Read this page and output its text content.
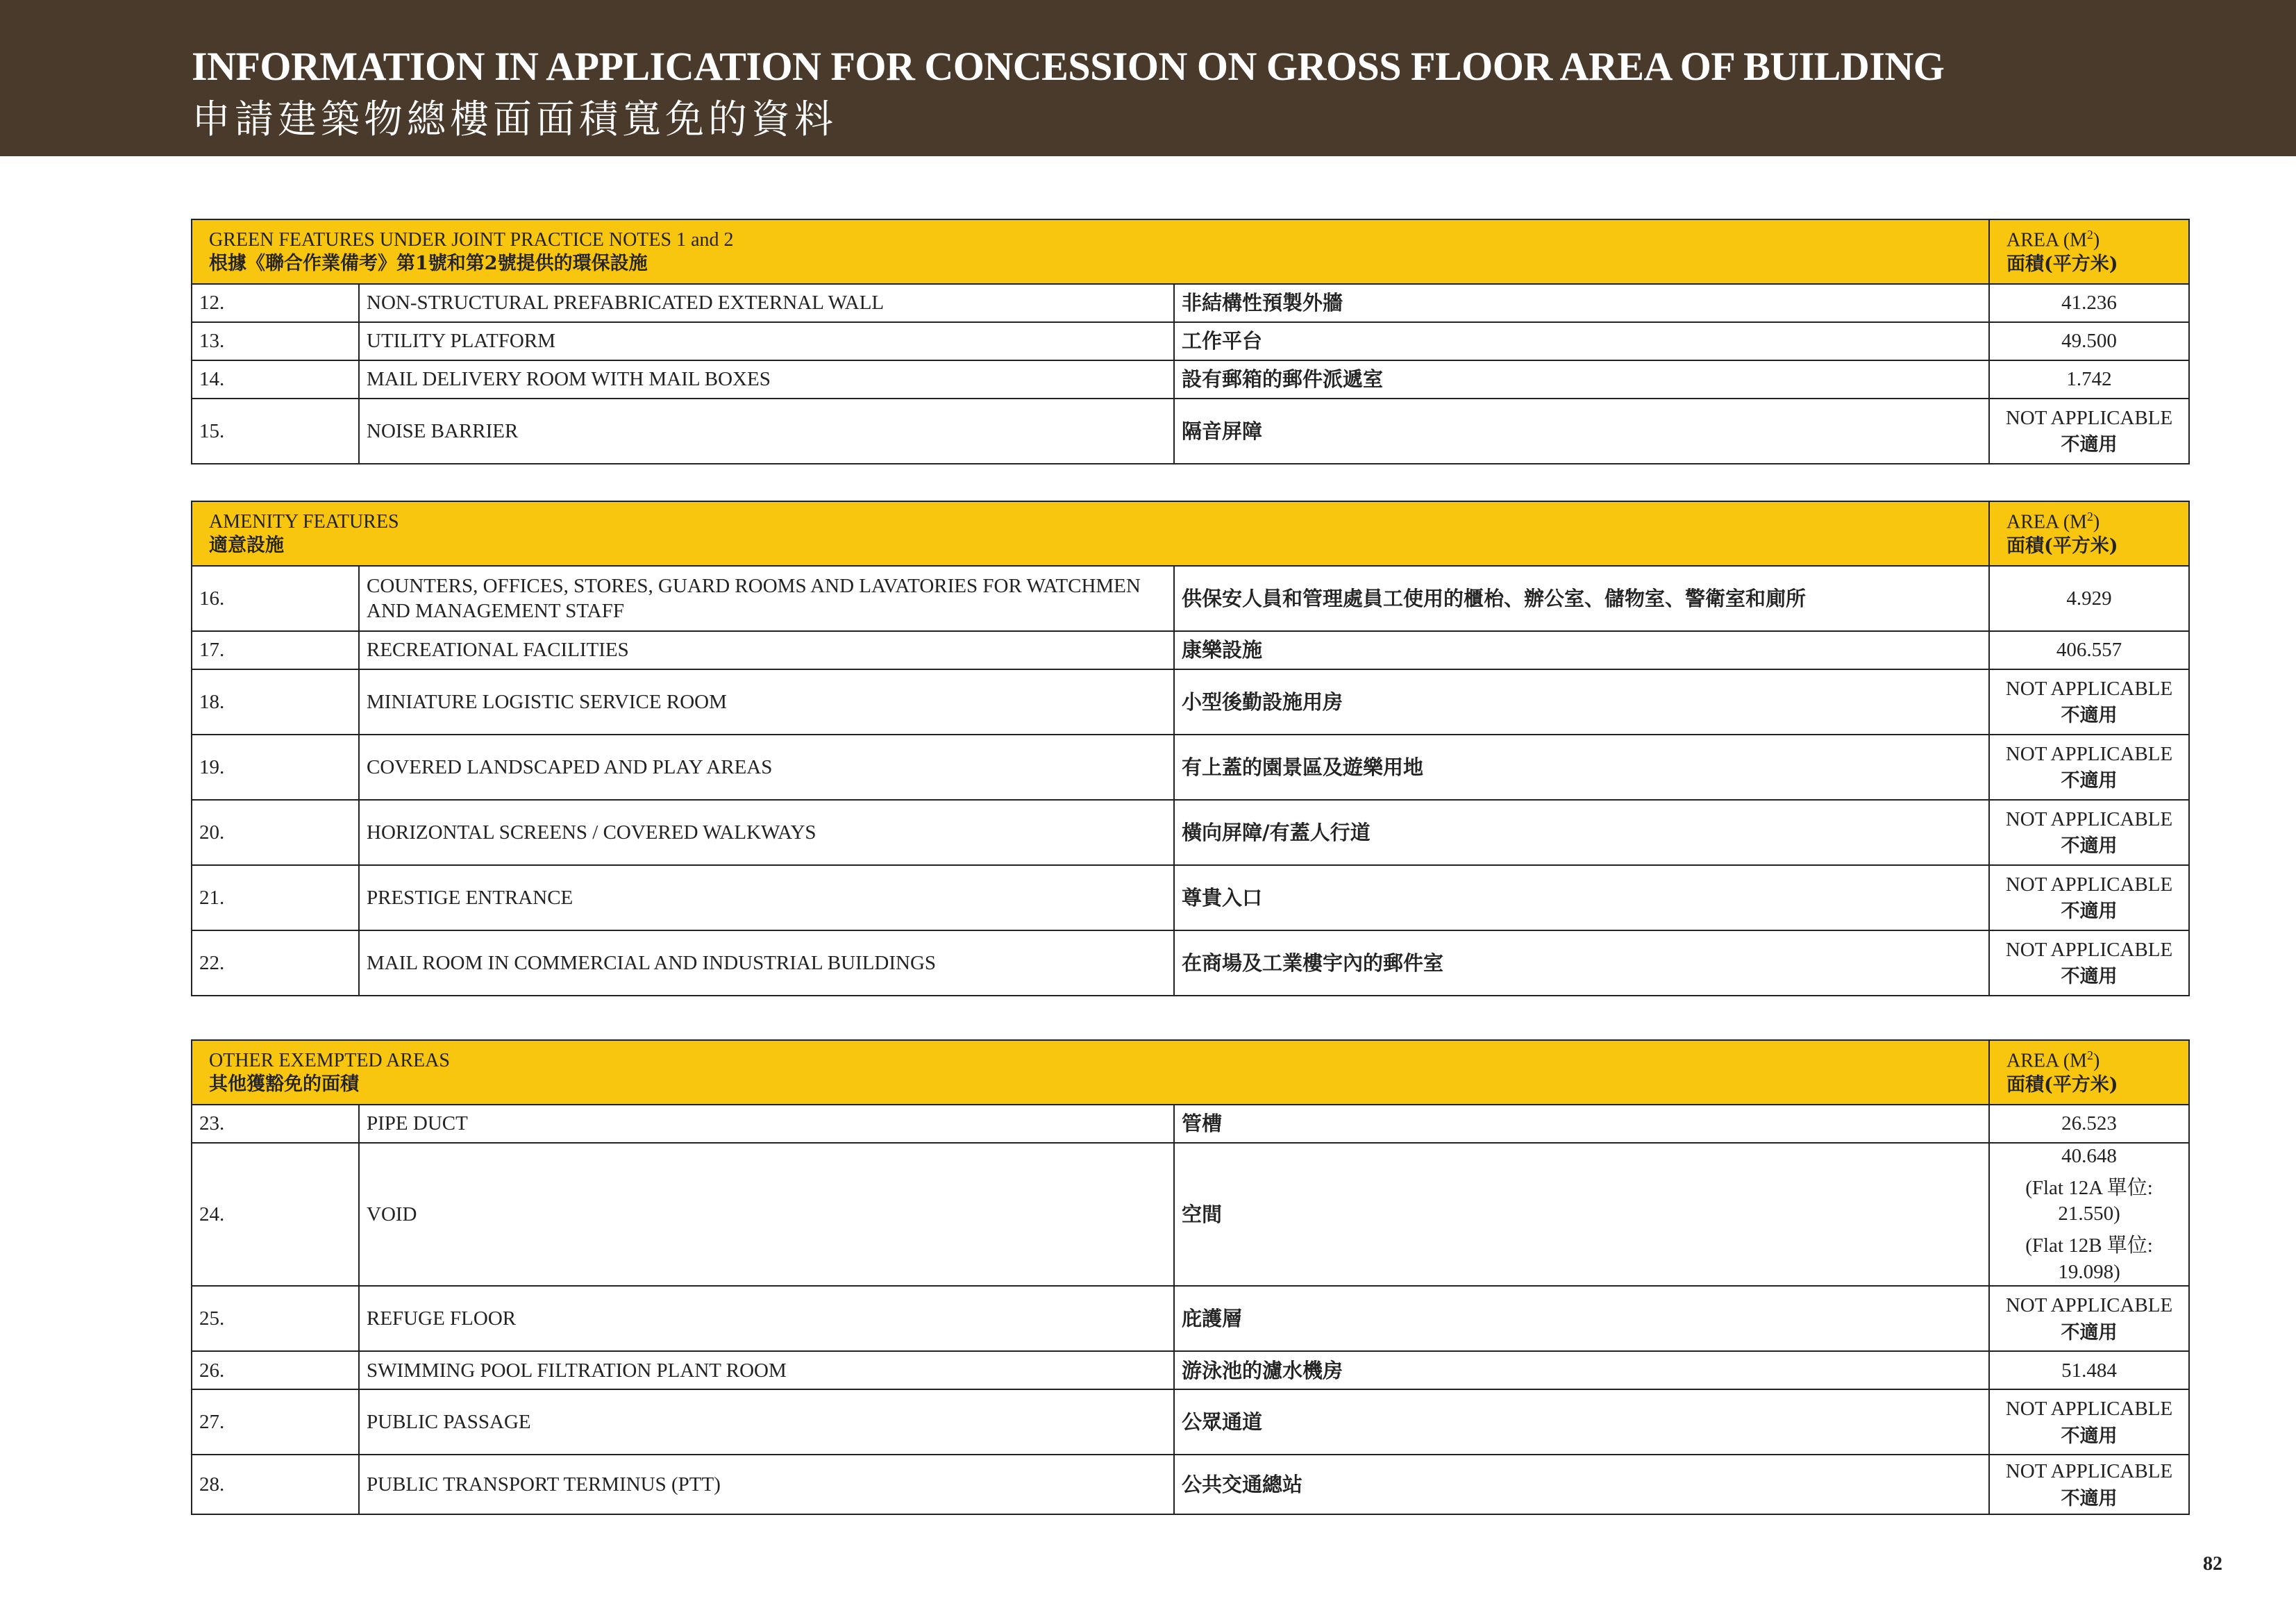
INFORMATION IN APPLICATION FOR CONCESSION ON GROSS FLOOR AREA OF BUILDING
申請建築物總樓面面積寬免的資料
GREEN FEATURES UNDER JOINT PRACTICE NOTES 1 and 2
根據《聯合作業備考》第1號和第2號提供的環保設施			AREA $(M^2)$
面積(平方米)

12.	NON-STRUCTURAL PREFABRICATED EXTERNAL WALL	非結構性預製外牆	41.236
13.	UTILITY PLATFORM	工作平台	49.500
14.	MAIL DELIVERY ROOM WITH MAIL BOXES	設有郵箱的郵件派遞室	1.742
15.	NOISE BARRIER	隔音屏障	NOT APPLICABLE
不適用
AMENITY FEATURES
適意設施			AREA $(M^2)$
面積(平方米)

16.	COUNTERS, OFFICES, STORES, GUARD ROOMS AND LAVATORIES FOR WATCHMEN AND MANAGEMENT STAFF	供保安人員和管理處員工使用的櫃枱、辦公室、儲物室、警衛室和廁所	4.929
17.	RECREATIONAL FACILITIES	康樂設施	406.557
18.	MINIATURE LOGISTIC SERVICE ROOM	小型後勤設施用房	NOT APPLICABLE
不適用

19.	COVERED LANDSCAPED AND PLAY AREAS	有上蓋的園景區及遊樂用地	NOT APPLICABLE
不適用

20.	HORIZONTAL SCREENS / COVERED WALKWAYS	橫向屏障/有蓋人行道	NOT APPLICABLE
不適用

21.	PRESTIGE ENTRANCE	尊貴入口	NOT APPLICABLE
不適用

22.	MAIL ROOM IN COMMERCIAL AND INDUSTRIAL BUILDINGS	在商場及工業樓宇內的郵件室	NOT APPLICABLE
不適用
OTHER EXEMPTED AREAS
其他獲豁免的面積			AREA $(M^2)$
面積(平方米)

23.	PIPE DUCT	管槽	26.523
24.	VOID	空間	40.648
(Flat 12A 單位:
21.550)
(Flat 12B 單位:
19.098)

25.	REFUGE FLOOR	庇護層	NOT APPLICABLE
不適用

26.	SWIMMING POOL FILTRATION PLANT ROOM	游泳池的濾水機房	51.484
27.	PUBLIC PASSAGE	公眾通道	NOT APPLICABLE
不適用

28.	PUBLIC TRANSPORT TERMINUS (PTT)	公共交通總站	NOT APPLICABLE
不適用
82
